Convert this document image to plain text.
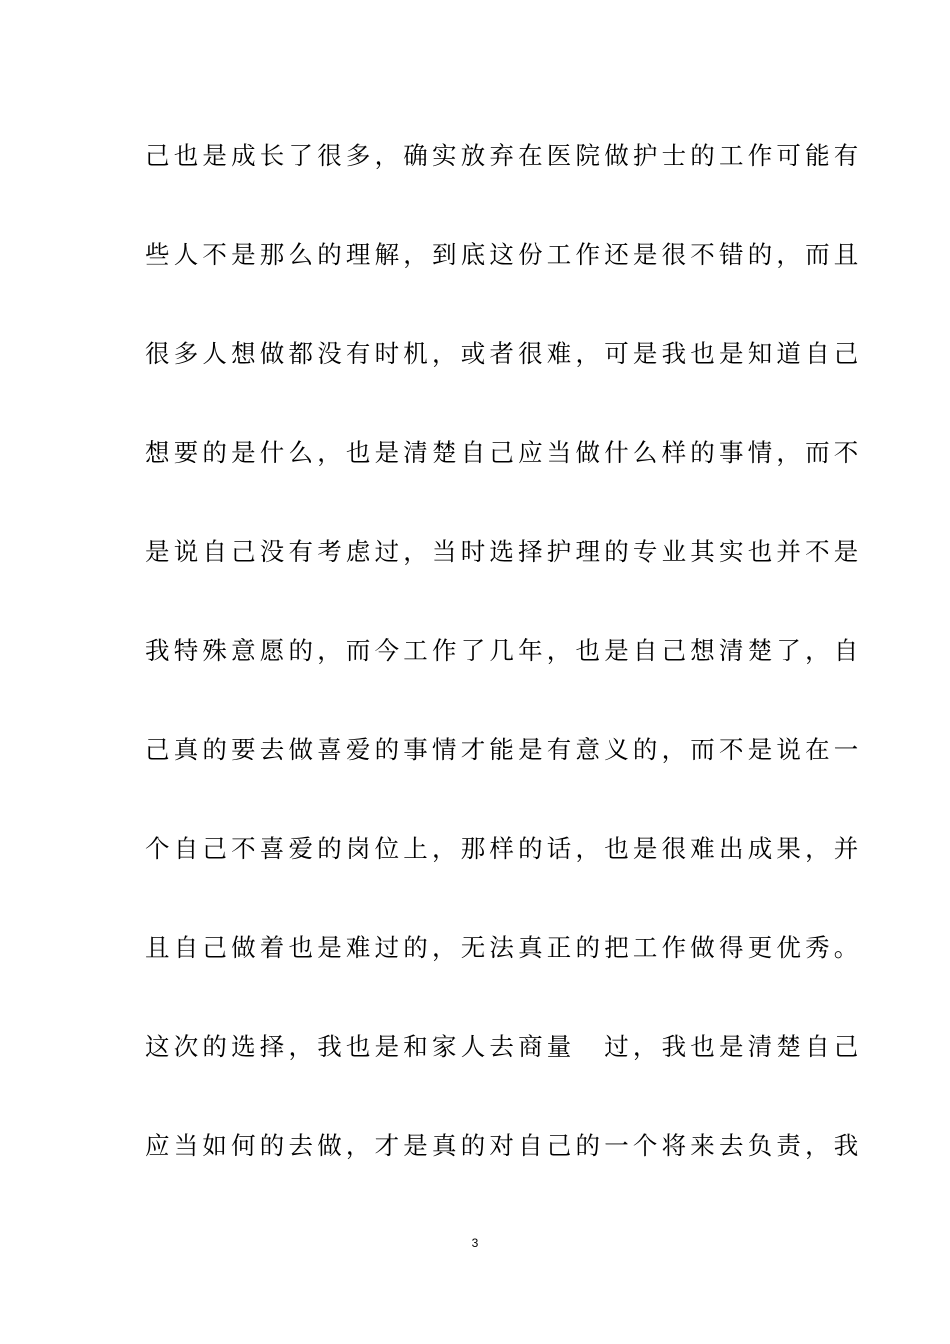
己也是成长了很多，确实放弃在医院做护士的工作可能有
些人不是那么的理解，到底这份工作还是很不错的，而且
很多人想做都没有时机，或者很难，可是我也是知道自己
想要的是什么，也是清楚自己应当做什么样的事情，而不
是说自己没有考虑过，当时选择护理的专业其实也并不是
我特殊意愿的，而今工作了几年，也是自己想清楚了，自
己真的要去做喜爱的事情才能是有意义的，而不是说在一
个自己不喜爱的岗位上，那样的话，也是很难出成果，并
且自己做着也是难过的，无法真正的把工作做得更优秀。
这次的选择，我也是和家人去商量　过，我也是清楚自己
应当如何的去做，才是真的对自己的一个将来去负责，我
3
